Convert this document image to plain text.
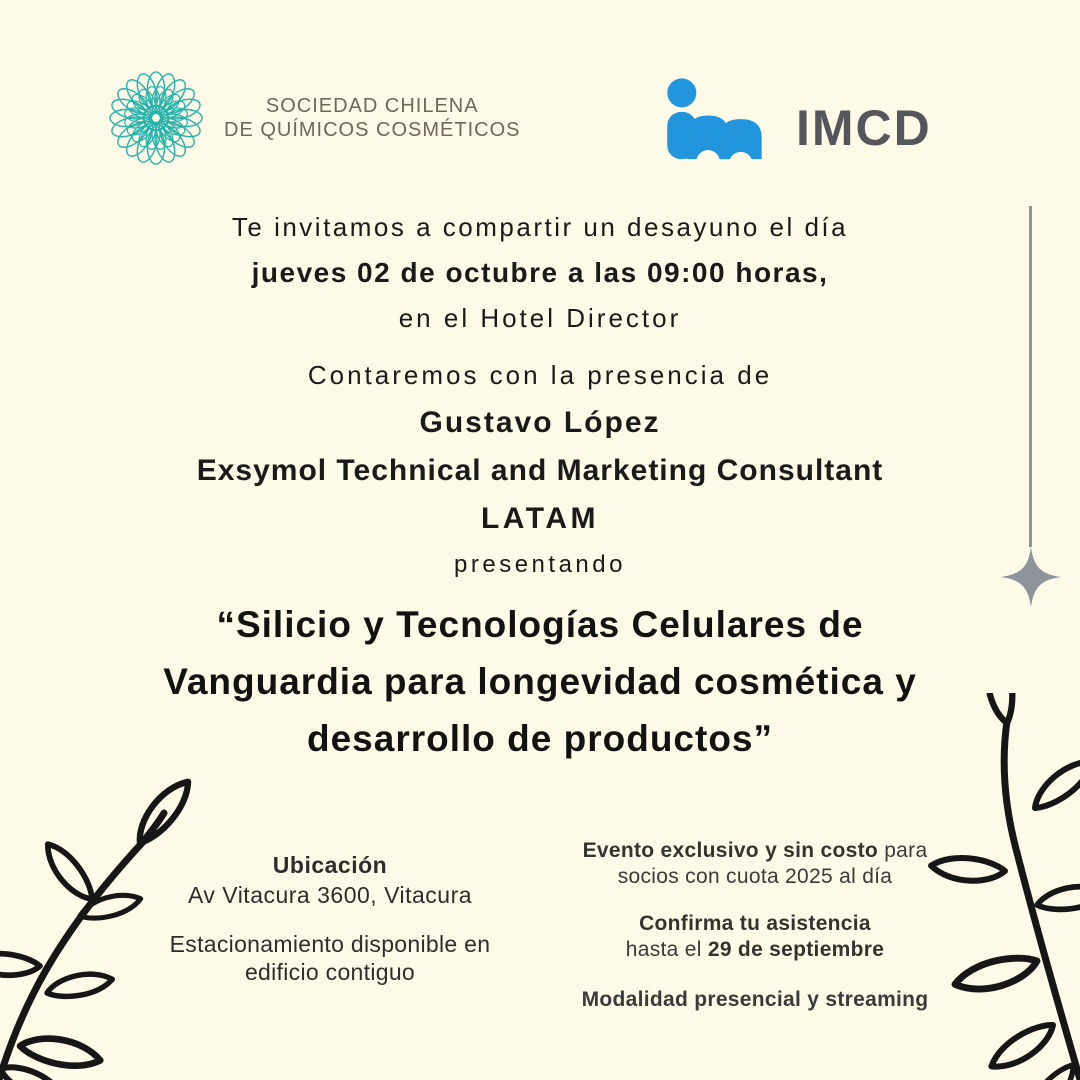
SOCIEDAD CHILENA
DE QUÍMICOS COSMÉTICOS	IMCD
Te invitamos a compartir un desayuno el día
jueves 02 de octubre a las 09:00 horas,
en el Hotel Director
Contaremos con la presencia de
Gustavo López
Exsymol Technical and Marketing Consultant
LATAM
presentando
“Silicio y Tecnologías Celulares de
Vanguardia para longevidad cosmética y
desarrollo de productos”
Ubicación
Av Vitacura 3600, Vitacura
Estacionamiento disponible en
edificio contiguo
Evento exclusivo y sin costo para
socios con cuota 2025 al día
Confirma tu asistencia
hasta el 29 de septiembre
Modalidad presencial y streaming
